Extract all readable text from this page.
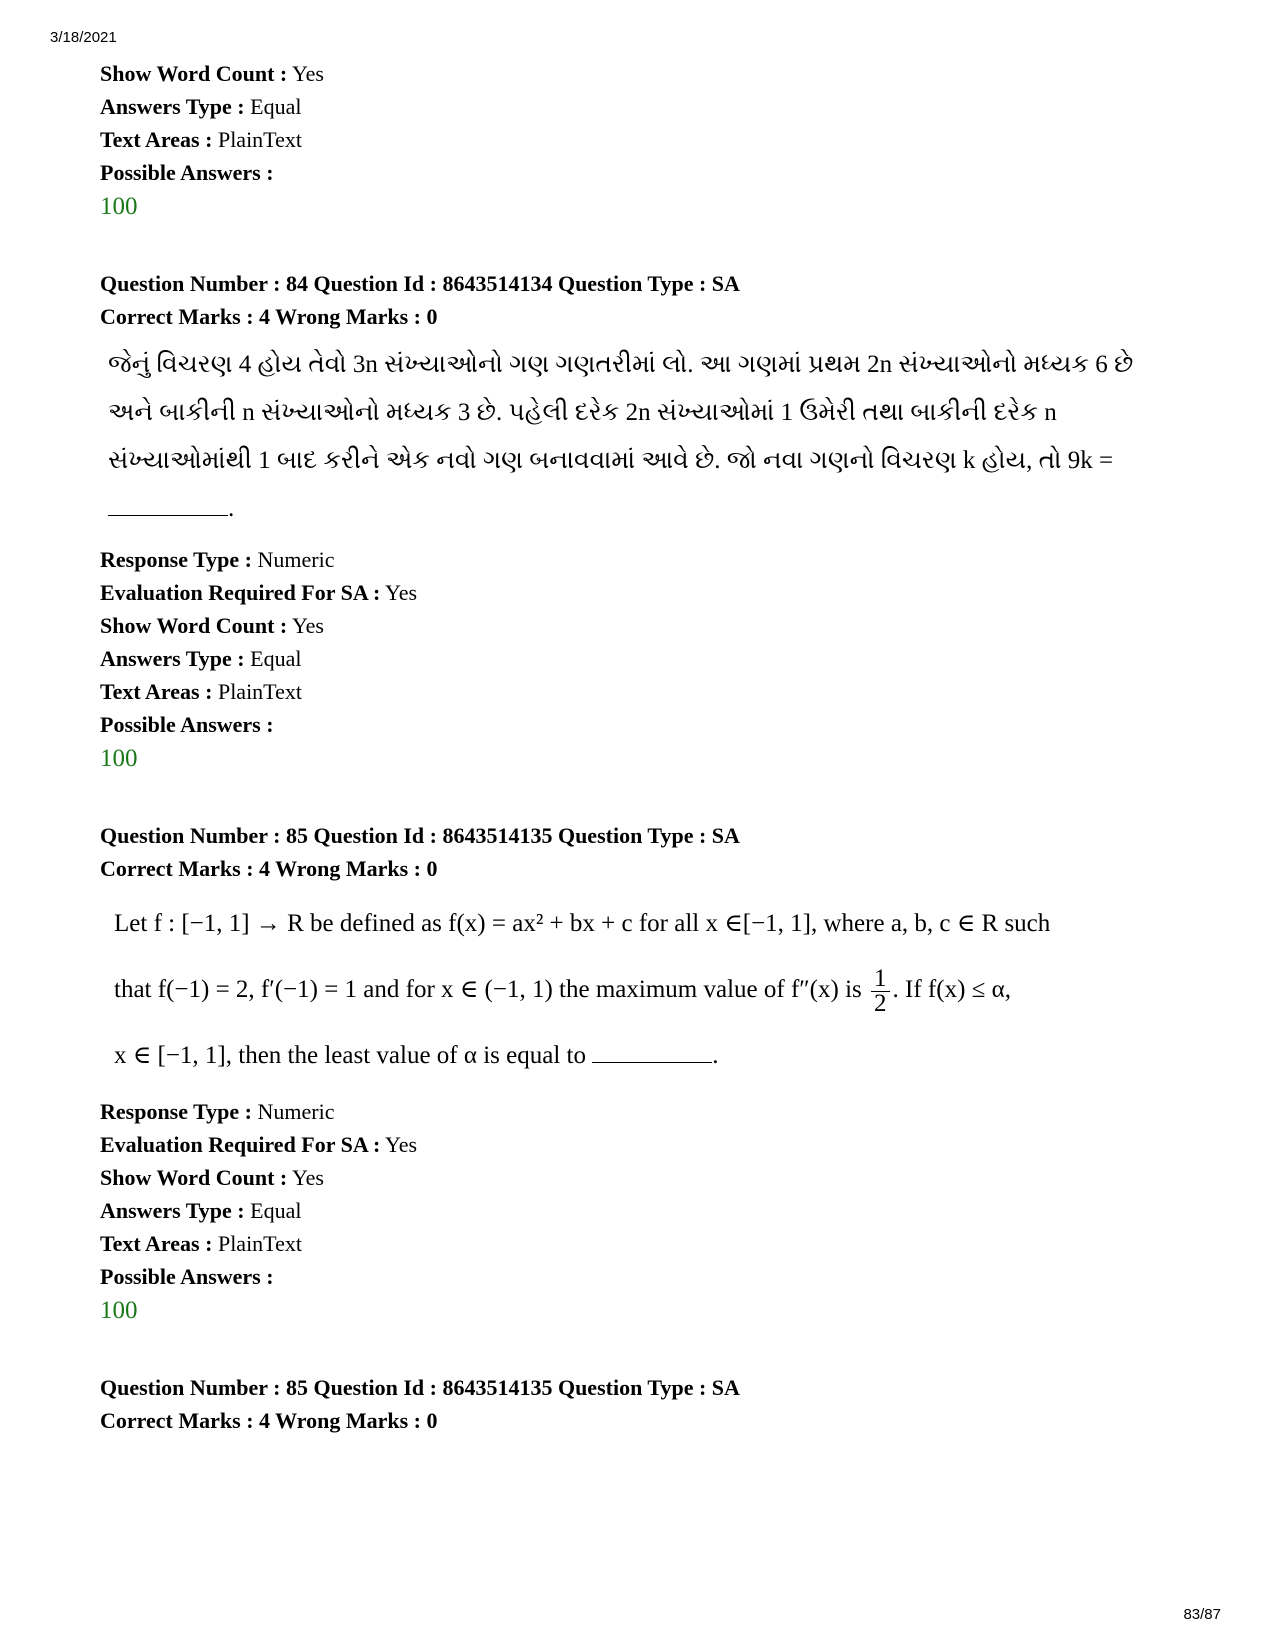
3/18/2021
Show Word Count : Yes
Answers Type : Equal
Text Areas : PlainText
Possible Answers :
100
Question Number : 84 Question Id : 8643514134 Question Type : SA
Correct Marks : 4 Wrong Marks : 0
જેનું વિચરણ 4 હોય તેવો 3n સંખ્યાઓનો ગણ ગણતરીમાં લો. આ ગણમાં પ્રથમ 2n સંખ્યાઓનો મધ્યક 6 છે અને બાકીની n સંખ્યાઓનો મધ્યક 3 છે. પહેલી દરેક 2n સંખ્યાઓમાં 1 ઉમેરી તથા બાકીની દરેક n સંખ્યાઓમાંથી 1 બાદ કરીને એક નવો ગણ બનાવવામાં આવે છે. જો નવા ગણનો વિચરણ k હોય, તો 9k = .
Response Type : Numeric
Evaluation Required For SA : Yes
Show Word Count : Yes
Answers Type : Equal
Text Areas : PlainText
Possible Answers :
100
Question Number : 85 Question Id : 8643514135 Question Type : SA
Correct Marks : 4 Wrong Marks : 0
Let f : [−1, 1] → R be defined as f(x) = ax² + bx + c for all x ∈[−1, 1], where a, b, c ∈ R such
that f(−1) = 2, f′(−1) = 1 and for x ∈ (−1, 1) the maximum value of f″(x) is $\frac{1}{2}$ . If f(x) ≤ α,
x ∈ [−1, 1], then the least value of α is equal to	.
Response Type : Numeric
Evaluation Required For SA : Yes
Show Word Count : Yes
Answers Type : Equal
Text Areas : PlainText
Possible Answers :
100
Question Number : 85 Question Id : 8643514135 Question Type : SA
Correct Marks : 4 Wrong Marks : 0
83/87
